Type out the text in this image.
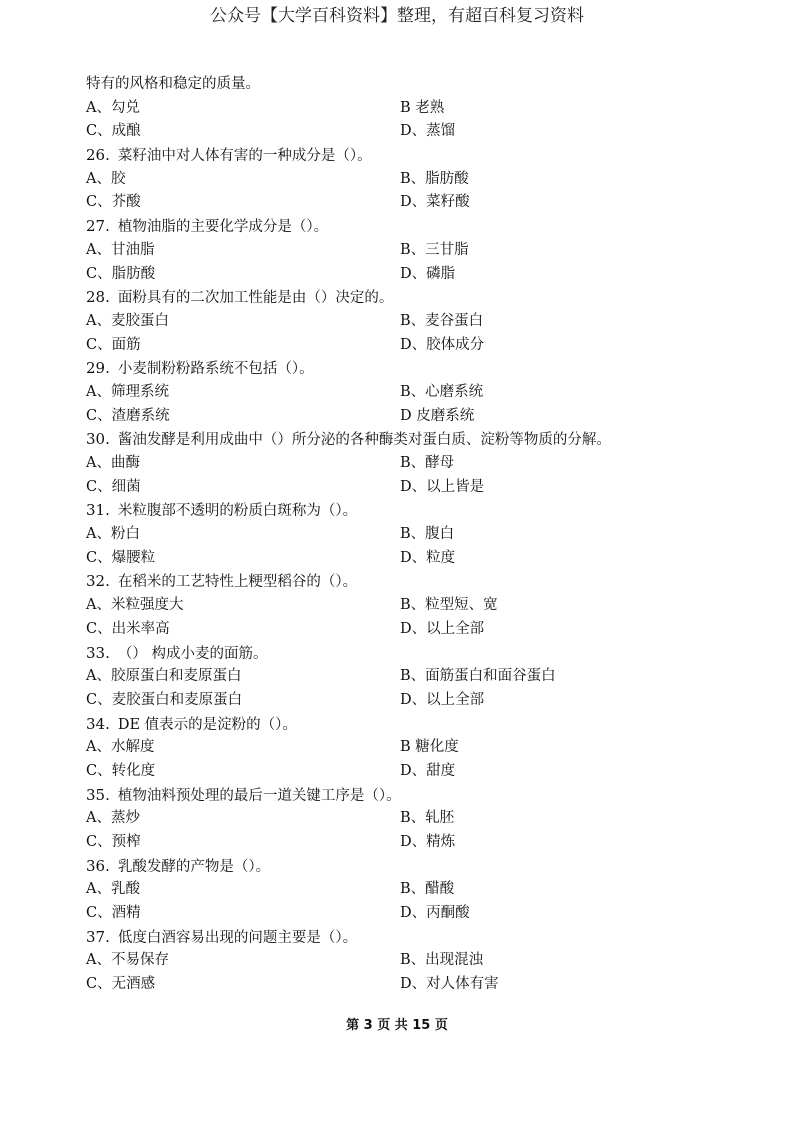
公众号【大学百科资料】整理，有超百科复习资料
特有的风格和稳定的质量。
A、勾兑	B 老熟
C、成酿	D、蒸馏
26. 菜籽油中对人体有害的一种成分是（）。
A、胶	B、脂肪酸
C、芥酸	D、菜籽酸
27. 植物油脂的主要化学成分是（）。
A、甘油脂	B、三甘脂
C、脂肪酸	D、磷脂
28. 面粉具有的二次加工性能是由（）决定的。
A、麦胶蛋白	B、麦谷蛋白
C、面筋	D、胶体成分
29. 小麦制粉粉路系统不包括（）。
A、筛理系统	B、心磨系统
C、渣磨系统	D 皮磨系统
30. 酱油发酵是利用成曲中（）所分泌的各种酶类对蛋白质、淀粉等物质的分解。
A、曲酶	B、酵母
C、细菌	D、以上皆是
31. 米粒腹部不透明的粉质白斑称为（）。
A、粉白	B、腹白
C、爆腰粒	D、粒度
32. 在稻米的工艺特性上粳型稻谷的（）。
A、米粒强度大	B、粒型短、宽
C、出米率高	D、以上全部
33. （） 构成小麦的面筋。
A、胶原蛋白和麦原蛋白	B、面筋蛋白和面谷蛋白
C、麦胶蛋白和麦原蛋白	D、以上全部
34. DE 值表示的是淀粉的（）。
A、水解度	B 糖化度
C、转化度	D、甜度
35. 植物油料预处理的最后一道关键工序是（）。
A、蒸炒	B、轧胚
C、预榨	D、精炼
36. 乳酸发酵的产物是（）。
A、乳酸	B、醋酸
C、酒精	D、丙酮酸
37. 低度白酒容易出现的问题主要是（）。
A、不易保存	B、出现混浊
C、无酒感	D、对人体有害
第 3 页 共 15 页
